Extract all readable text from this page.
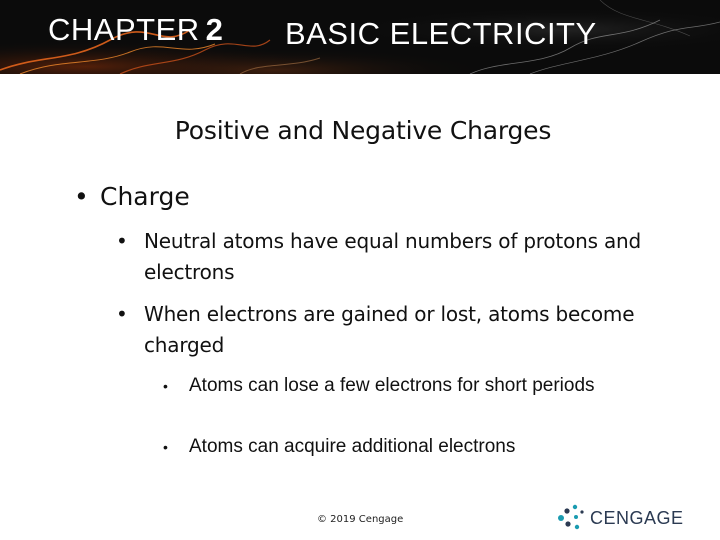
CHAPTER 2 BASIC ELECTRICITY
Positive and Negative Charges
• Charge
• Neutral atoms have equal numbers of protons and electrons
• When electrons are gained or lost, atoms become charged
• Atoms can lose a few electrons for short periods
• Atoms can acquire additional electrons
© 2019 Cengage	CENGAGE
